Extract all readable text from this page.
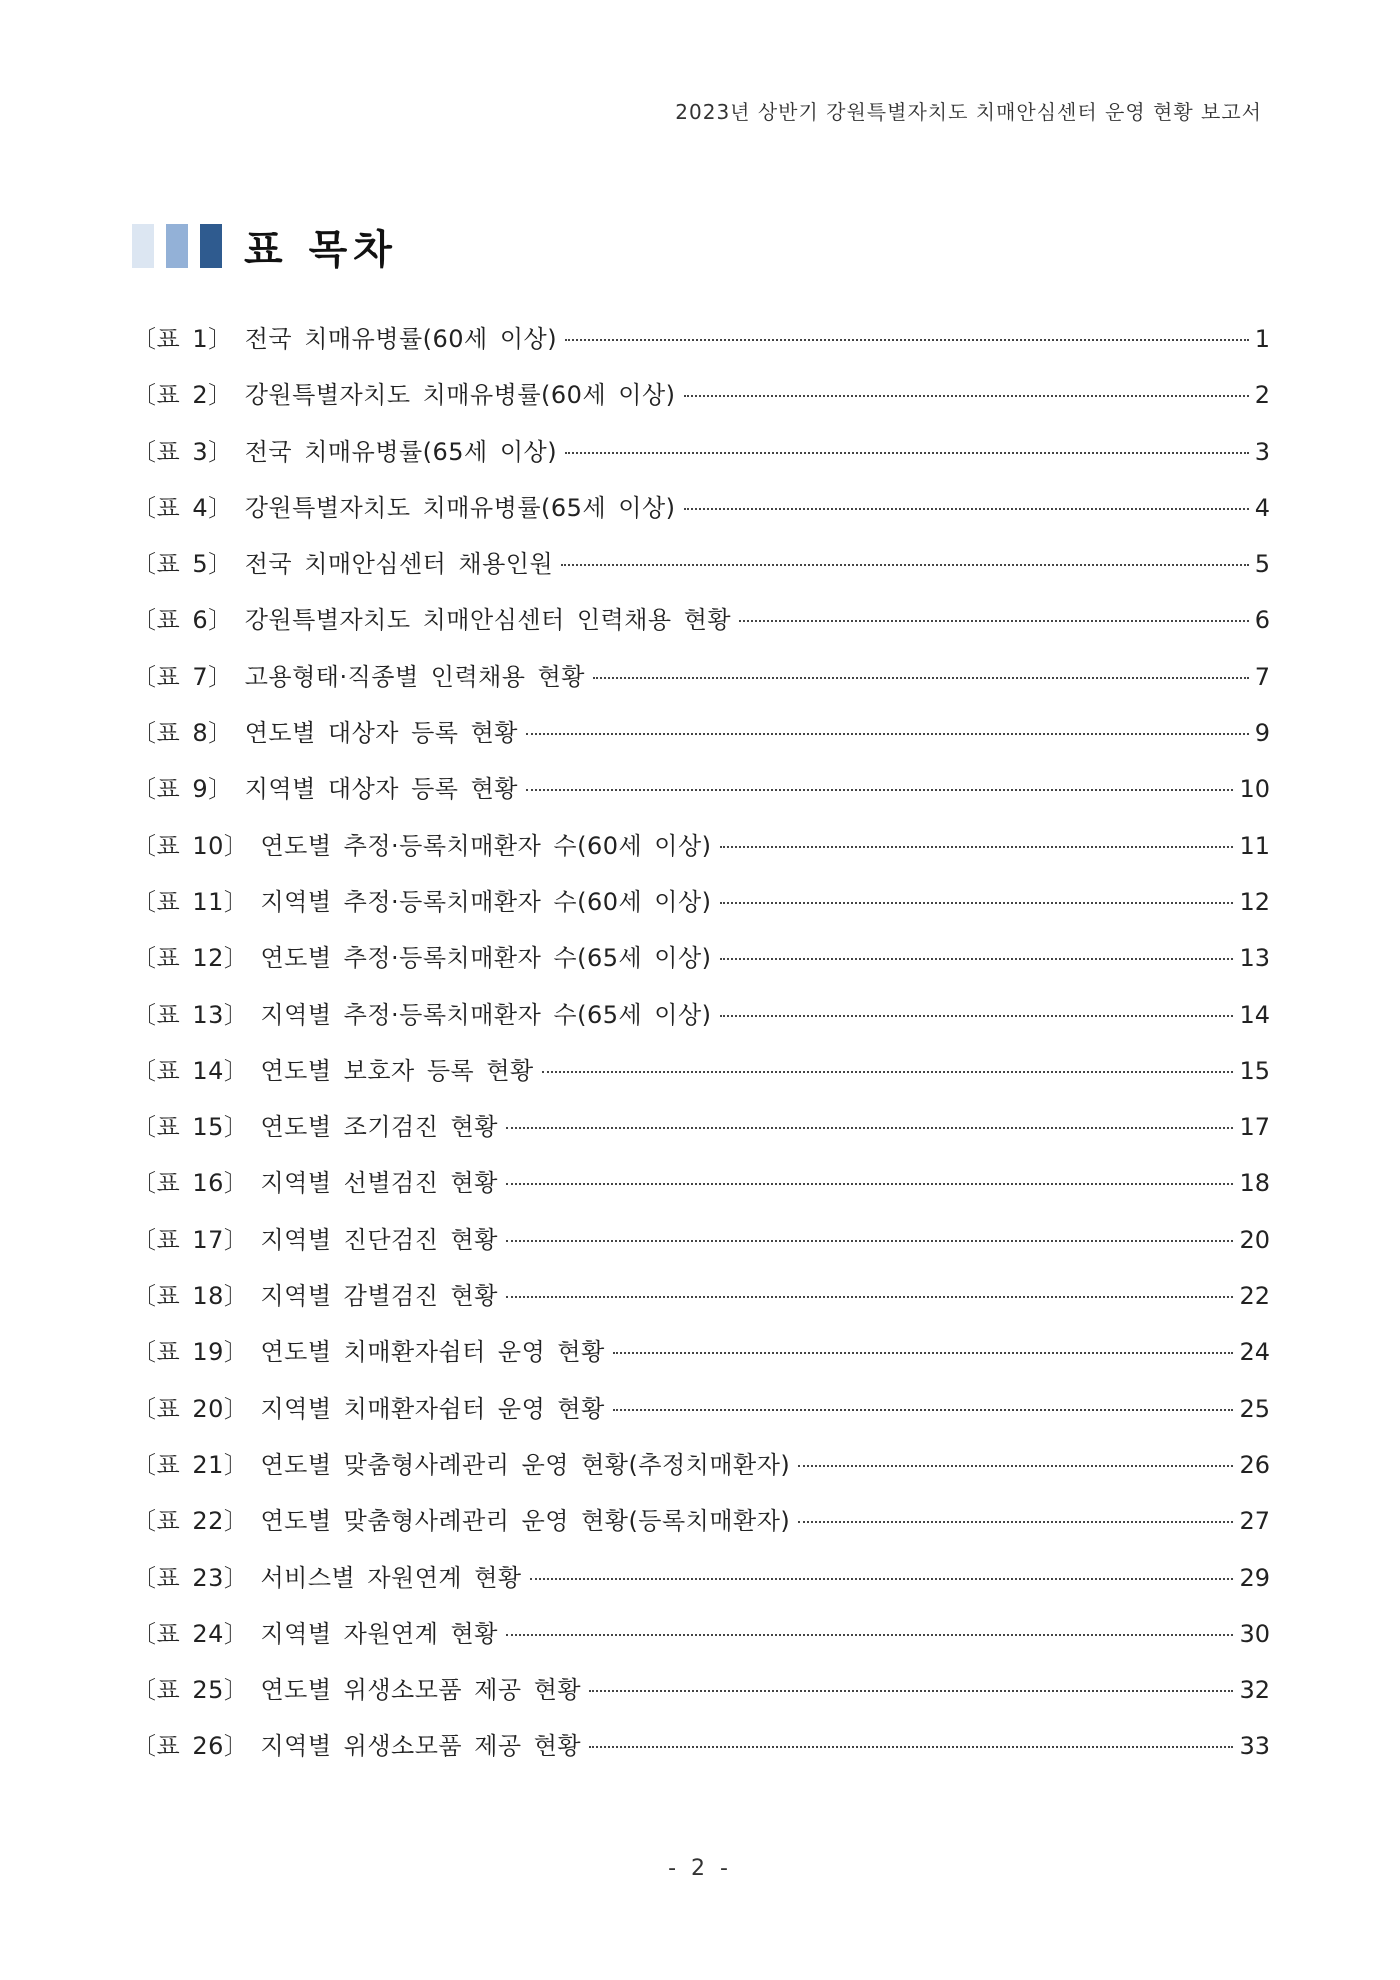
2023년 상반기 강원특별자치도 치매안심센터 운영 현황 보고서
표 목차
〔표 1〕 전국 치매유병률(60세 이상)	1
〔표 2〕 강원특별자치도 치매유병률(60세 이상)	2
〔표 3〕 전국 치매유병률(65세 이상)	3
〔표 4〕 강원특별자치도 치매유병률(65세 이상)	4
〔표 5〕 전국 치매안심센터 채용인원	5
〔표 6〕 강원특별자치도 치매안심센터 인력채용 현황	6
〔표 7〕 고용형태·직종별 인력채용 현황	7
〔표 8〕 연도별 대상자 등록 현황	9
〔표 9〕 지역별 대상자 등록 현황	10
〔표 10〕 연도별 추정·등록치매환자 수(60세 이상)	11
〔표 11〕 지역별 추정·등록치매환자 수(60세 이상)	12
〔표 12〕 연도별 추정·등록치매환자 수(65세 이상)	13
〔표 13〕 지역별 추정·등록치매환자 수(65세 이상)	14
〔표 14〕 연도별 보호자 등록 현황	15
〔표 15〕 연도별 조기검진 현황	17
〔표 16〕 지역별 선별검진 현황	18
〔표 17〕 지역별 진단검진 현황	20
〔표 18〕 지역별 감별검진 현황	22
〔표 19〕 연도별 치매환자쉼터 운영 현황	24
〔표 20〕 지역별 치매환자쉼터 운영 현황	25
〔표 21〕 연도별 맞춤형사례관리 운영 현황(추정치매환자)	26
〔표 22〕 연도별 맞춤형사례관리 운영 현황(등록치매환자)	27
〔표 23〕 서비스별 자원연계 현황	29
〔표 24〕 지역별 자원연계 현황	30
〔표 25〕 연도별 위생소모품 제공 현황	32
〔표 26〕 지역별 위생소모품 제공 현황	33
- 2 -
